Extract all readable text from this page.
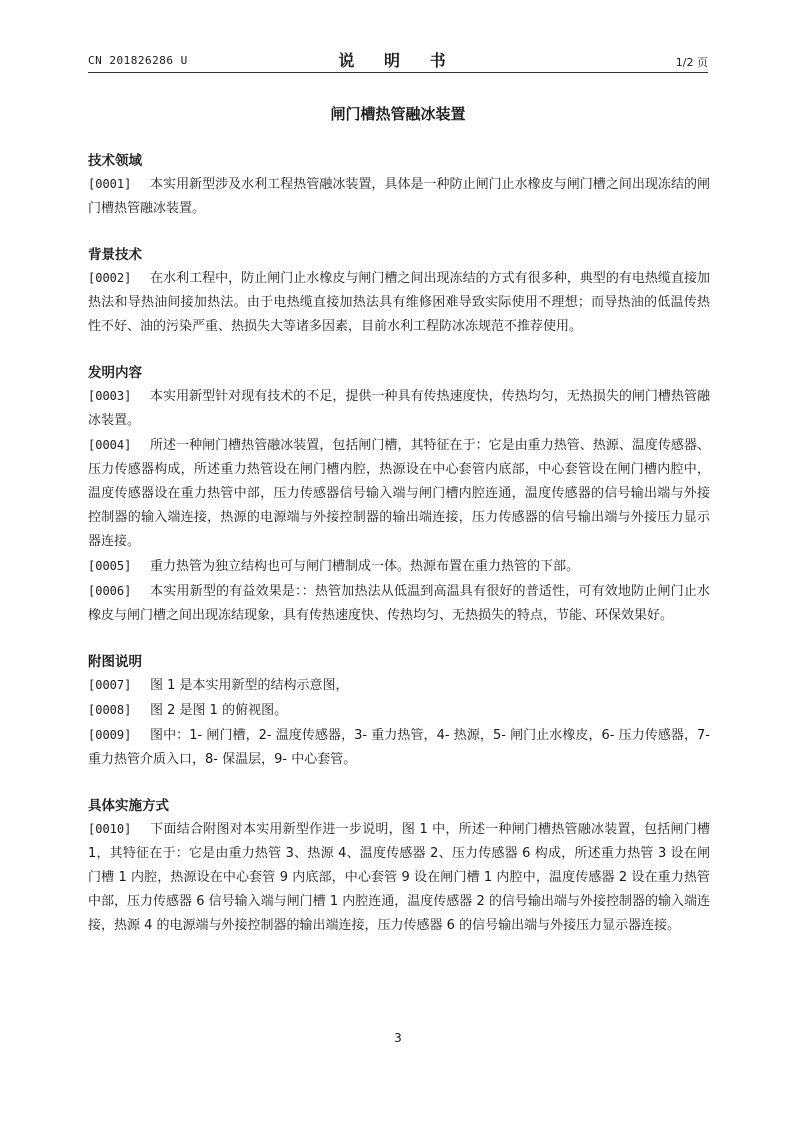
CN 201826286 U	说 明 书	1/2 页
闸门槽热管融冰装置

技术领域

[0001] 本实用新型涉及水利工程热管融冰装置，具体是一种防止闸门止水橡皮与闸门槽之间出现冻结的闸门槽热管融冰装置。

背景技术

[0002] 在水利工程中，防止闸门止水橡皮与闸门槽之间出现冻结的方式有很多种，典型的有电热缆直接加热法和导热油间接加热法。由于电热缆直接加热法具有维修困难导致实际使用不理想；而导热油的低温传热性不好、油的污染严重、热损失大等诸多因素，目前水利工程防冰冻规范不推荐使用。

发明内容

[0003] 本实用新型针对现有技术的不足，提供一种具有传热速度快，传热均匀，无热损失的闸门槽热管融冰装置。

[0004] 所述一种闸门槽热管融冰装置，包括闸门槽，其特征在于：它是由重力热管、热源、温度传感器、压力传感器构成，所述重力热管设在闸门槽内腔，热源设在中心套管内底部，中心套管设在闸门槽内腔中，温度传感器设在重力热管中部，压力传感器信号输入端与闸门槽内腔连通，温度传感器的信号输出端与外接控制器的输入端连接，热源的电源端与外接控制器的输出端连接，压力传感器的信号输出端与外接压力显示器连接。

[0005] 重力热管为独立结构也可与闸门槽制成一体。热源布置在重力热管的下部。

[0006] 本实用新型的有益效果是：：热管加热法从低温到高温具有很好的普适性，可有效地防止闸门止水橡皮与闸门槽之间出现冻结现象，具有传热速度快、传热均匀、无热损失的特点，节能、环保效果好。

附图说明

[0007] 图 1 是本实用新型的结构示意图，

[0008] 图 2 是图 1 的俯视图。

[0009] 图中：1- 闸门槽，2- 温度传感器，3- 重力热管，4- 热源，5- 闸门止水橡皮，6- 压力传感器，7- 重力热管介质入口，8- 保温层，9- 中心套管。

具体实施方式

[0010] 下面结合附图对本实用新型作进一步说明，图 1 中，所述一种闸门槽热管融冰装置，包括闸门槽 1，其特征在于：它是由重力热管 3、热源 4、温度传感器 2、压力传感器 6 构成，所述重力热管 3 设在闸门槽 1 内腔，热源设在中心套管 9 内底部，中心套管 9 设在闸门槽 1 内腔中，温度传感器 2 设在重力热管中部，压力传感器 6 信号输入端与闸门槽 1 内腔连通，温度传感器 2 的信号输出端与外接控制器的输入端连接，热源 4 的电源端与外接控制器的输出端连接，压力传感器 6 的信号输出端与外接压力显示器连接。

3
